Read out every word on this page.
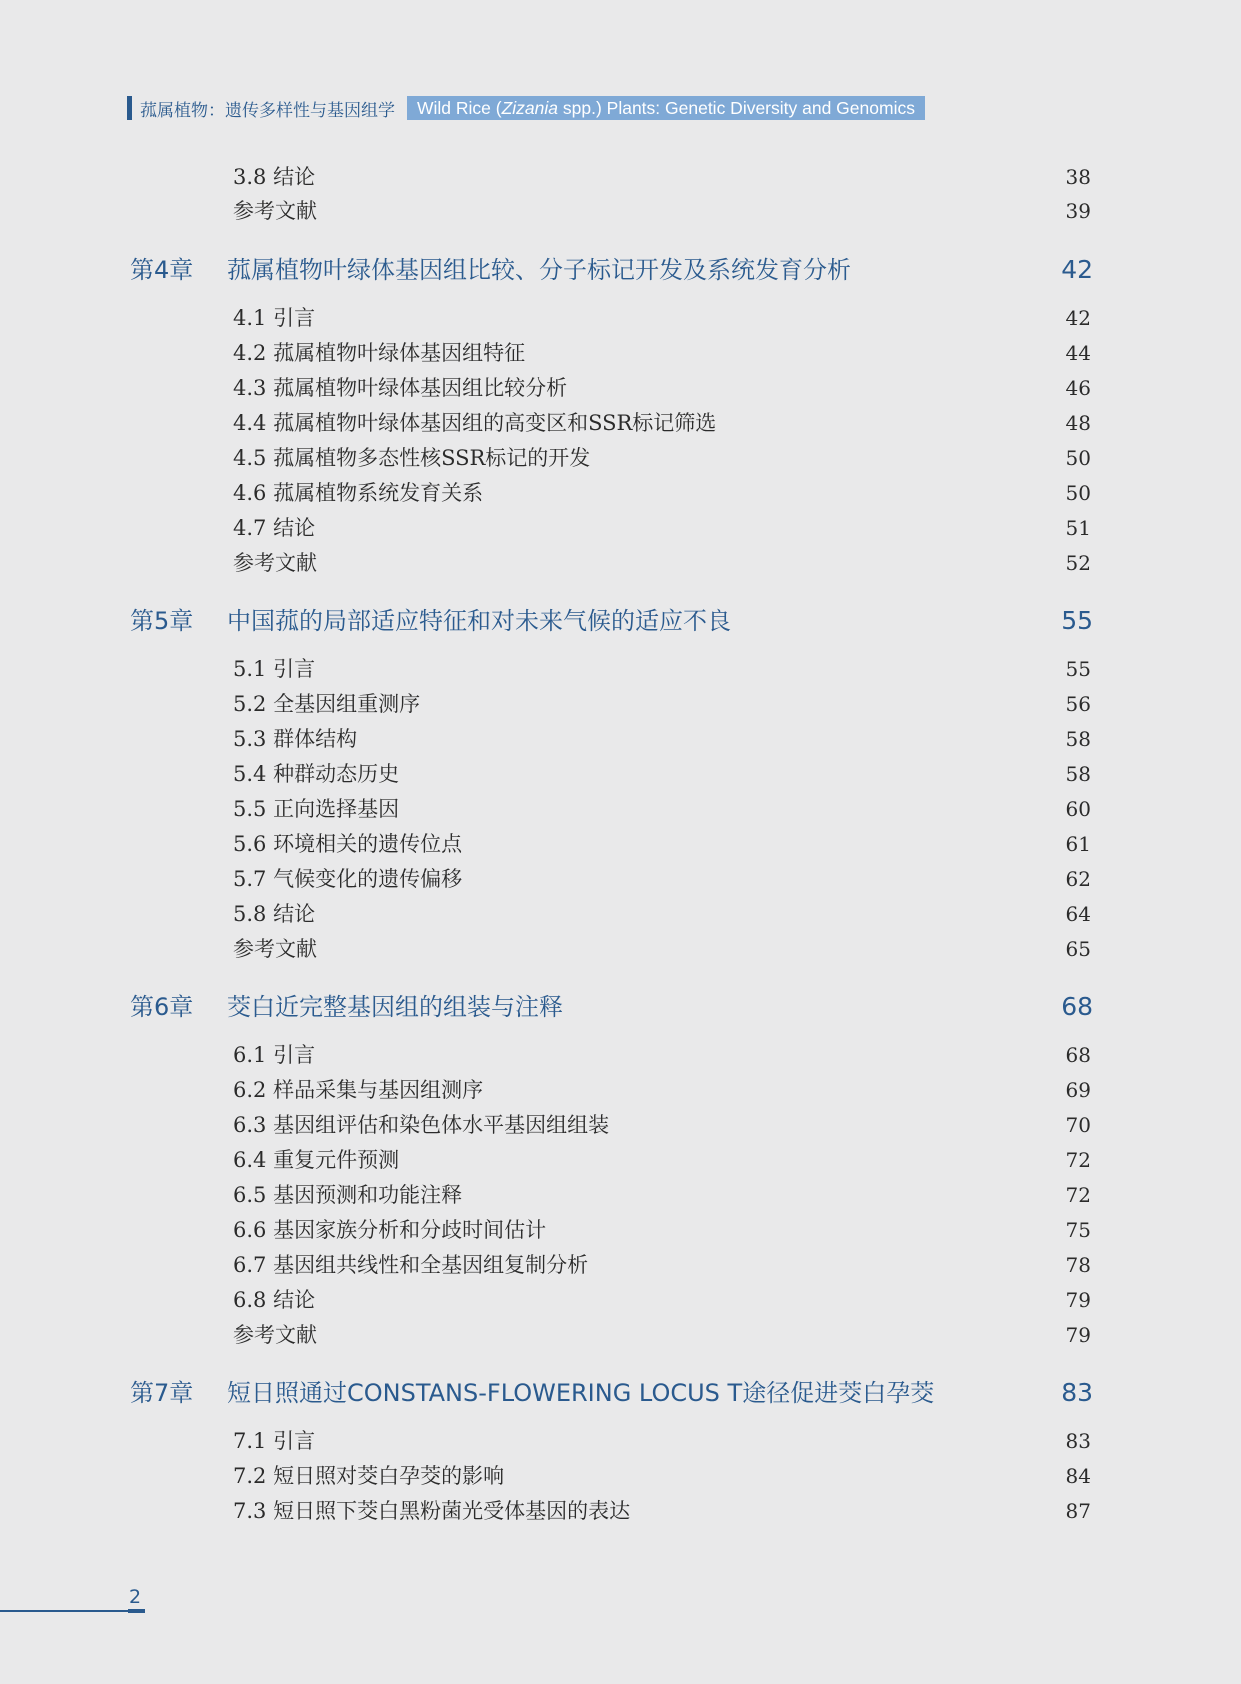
菰属植物：遗传多样性与基因组学	Wild Rice (Zizania spp.) Plants: Genetic Diversity and Genomics
3.8 结论	38
参考文献	39
第4章 菰属植物叶绿体基因组比较、分子标记开发及系统发育分析	42
4.1 引言	42
4.2 菰属植物叶绿体基因组特征	44
4.3 菰属植物叶绿体基因组比较分析	46
4.4 菰属植物叶绿体基因组的高变区和SSR标记筛选	48
4.5 菰属植物多态性核SSR标记的开发	50
4.6 菰属植物系统发育关系	50
4.7 结论	51
参考文献	52
第5章 中国菰的局部适应特征和对未来气候的适应不良	55
5.1 引言	55
5.2 全基因组重测序	56
5.3 群体结构	58
5.4 种群动态历史	58
5.5 正向选择基因	60
5.6 环境相关的遗传位点	61
5.7 气候变化的遗传偏移	62
5.8 结论	64
参考文献	65
第6章 茭白近完整基因组的组装与注释	68
6.1 引言	68
6.2 样品采集与基因组测序	69
6.3 基因组评估和染色体水平基因组组装	70
6.4 重复元件预测	72
6.5 基因预测和功能注释	72
6.6 基因家族分析和分歧时间估计	75
6.7 基因组共线性和全基因组复制分析	78
6.8 结论	79
参考文献	79
第7章 短日照通过CONSTANS-FLOWERING LOCUS T途径促进茭白孕茭	83
7.1 引言	83
7.2 短日照对茭白孕茭的影响	84
7.3 短日照下茭白黑粉菌光受体基因的表达	87
2
